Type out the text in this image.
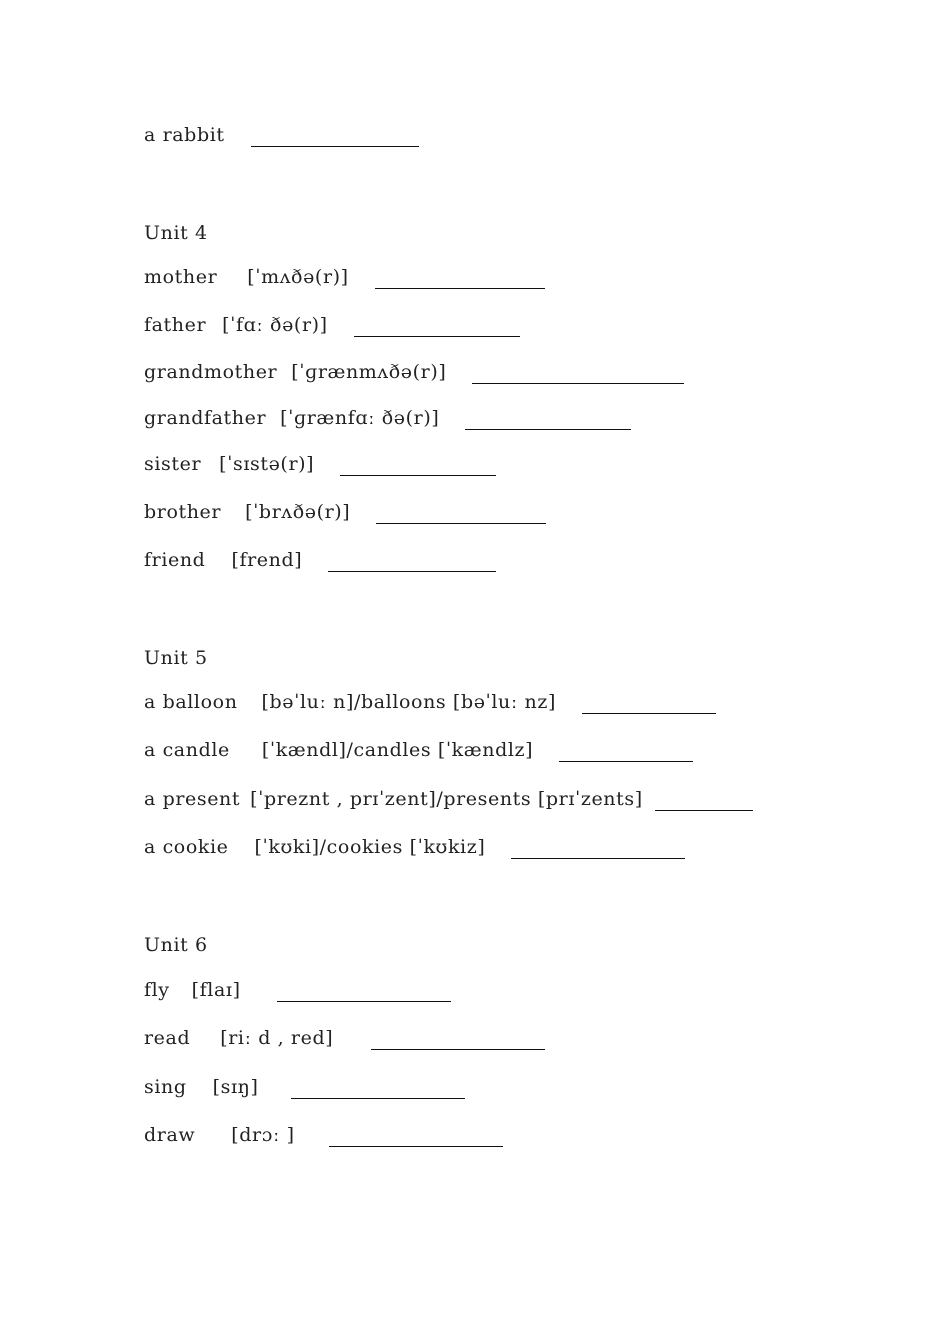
a rabbit
Unit 4
mother [ˈmʌðə(r)]
father [ˈfɑː ðə(r)]
grandmother [ˈɡrænmʌðə(r)]
grandfather [ˈɡrænfɑː ðə(r)]
sister [ˈsɪstə(r)]
brother [ˈbrʌðə(r)]
friend [frend]
Unit 5
a balloon [bəˈluː n]/balloons [bəˈluː nz]
a candle [ˈkændl]/candles [ˈkændlz]
a present [ˈpreznt , prɪˈzent]/presents [prɪˈzents]
a cookie [ˈkʊki]/cookies [ˈkʊkiz]
Unit 6
fly [flaɪ]
read [riː d , red]
sing [sɪŋ]
draw [drɔː ]
